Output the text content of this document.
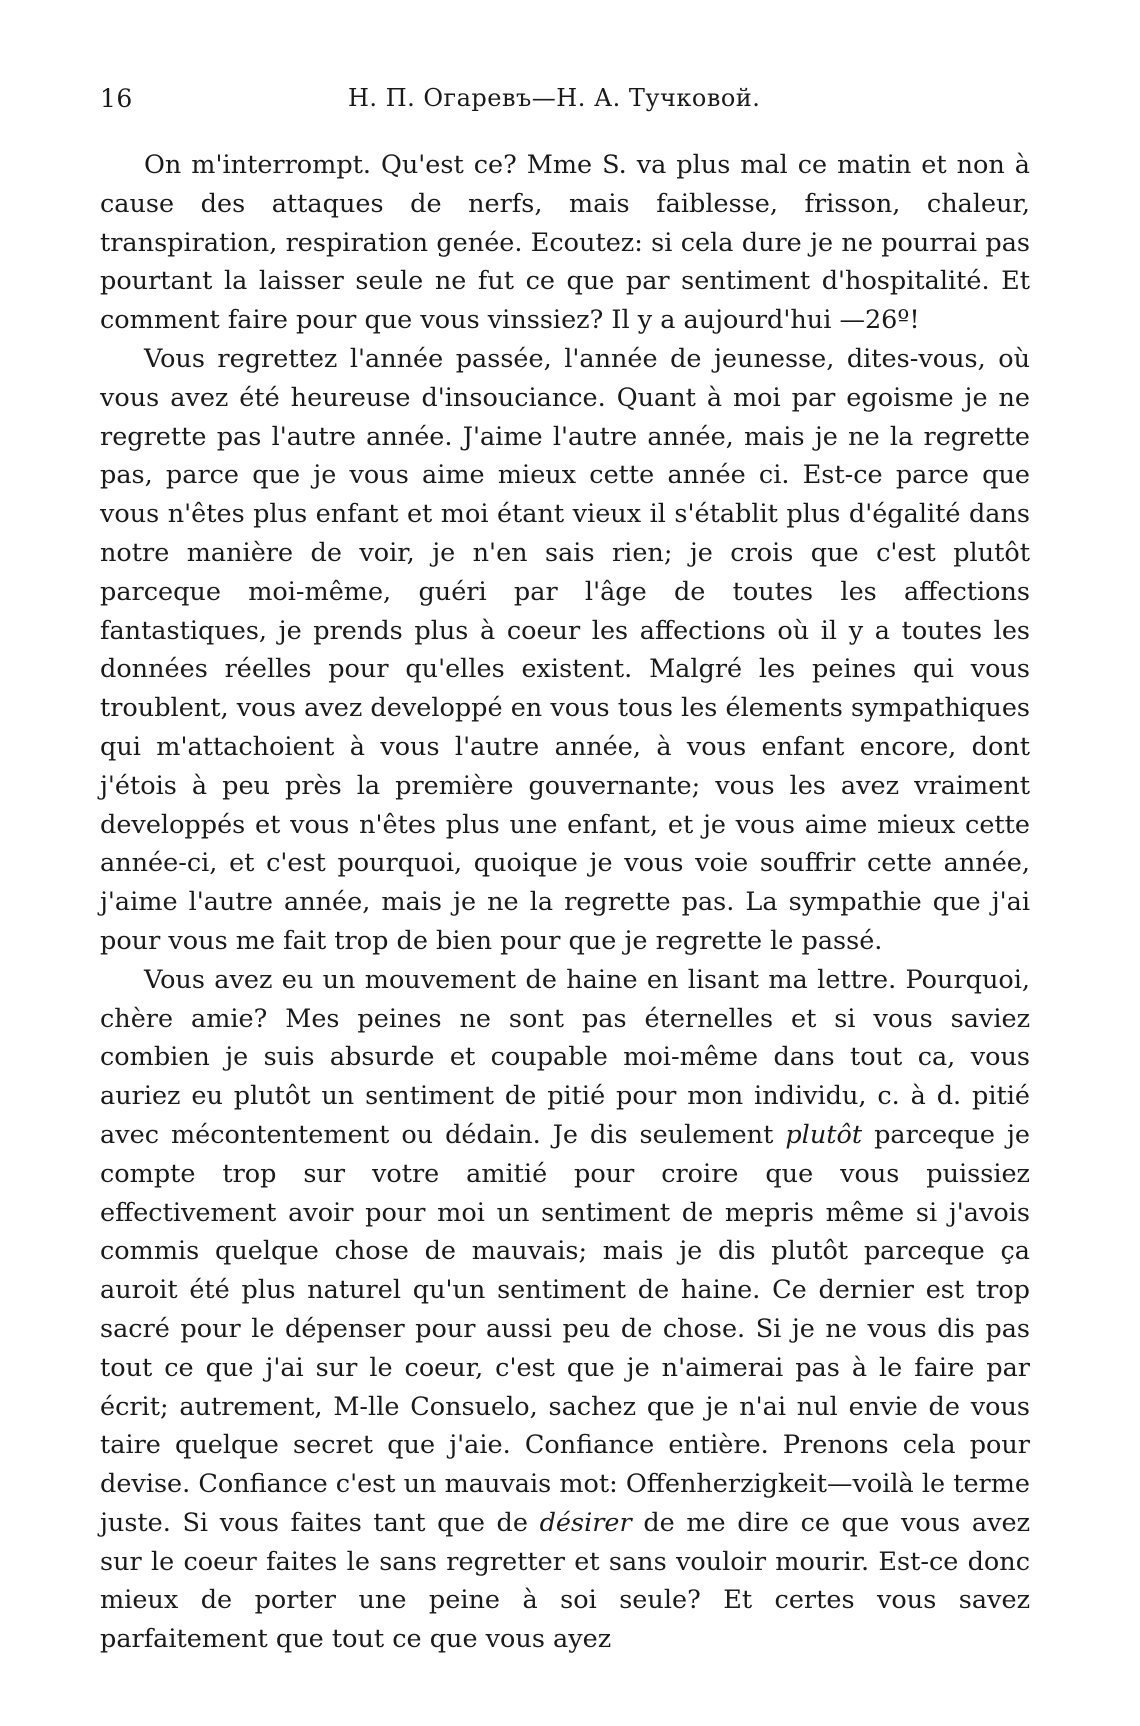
16	Н. П. Огаревъ—Н. А. Тучковой.

On m'interrompt. Qu'est ce? Mme S. va plus mal ce matin et non à cause des attaques de nerfs, mais faiblesse, frisson, chaleur, transpiration, respiration genée. Ecoutez: si cela dure je ne pourrai pas pourtant la laisser seule ne fut ce que par sentiment d'hospitalité. Et comment faire pour que vous vinssiez? Il y a aujourd'hui —26º!

Vous regrettez l'année passée, l'année de jeunesse, dites-vous, où vous avez été heureuse d'insouciance. Quant à moi par egoisme je ne regrette pas l'autre année. J'aime l'autre année, mais je ne la regrette pas, parce que je vous aime mieux cette année ci. Est-ce parce que vous n'êtes plus enfant et moi étant vieux il s'établit plus d'égalité dans notre manière de voir, je n'en sais rien; je crois que c'est plutôt parceque moi-même, guéri par l'âge de toutes les affections fantastiques, je prends plus à coeur les affections où il y a toutes les données réelles pour qu'elles existent. Malgré les peines qui vous troublent, vous avez developpé en vous tous les élements sympathiques qui m'attachoient à vous l'autre année, à vous enfant encore, dont j'étois à peu près la première gouvernante; vous les avez vraiment developpés et vous n'êtes plus une enfant, et je vous aime mieux cette année-ci, et c'est pourquoi, quoique je vous voie souffrir cette année, j'aime l'autre année, mais je ne la regrette pas. La sympathie que j'ai pour vous me fait trop de bien pour que je regrette le passé.

Vous avez eu un mouvement de haine en lisant ma lettre. Pourquoi, chère amie? Mes peines ne sont pas éternelles et si vous saviez combien je suis absurde et coupable moi-même dans tout ca, vous auriez eu plutôt un sentiment de pitié pour mon individu, c. à d. pitié avec mécontentement ou dédain. Je dis seulement plutôt parceque je compte trop sur votre amitié pour croire que vous puissiez effectivement avoir pour moi un sentiment de mepris même si j'avois commis quelque chose de mauvais; mais je dis plutôt parceque ça auroit été plus naturel qu'un sentiment de haine. Ce dernier est trop sacré pour le dépenser pour aussi peu de chose. Si je ne vous dis pas tout ce que j'ai sur le coeur, c'est que je n'aimerai pas à le faire par écrit; autrement, M-lle Consuelo, sachez que je n'ai nul envie de vous taire quelque secret que j'aie. Confiance entière. Prenons cela pour devise. Confiance c'est un mauvais mot: Offenherzigkeit—voilà le terme juste. Si vous faites tant que de désirer de me dire ce que vous avez sur le coeur faites le sans regretter et sans vouloir mourir. Est-ce donc mieux de porter une peine à soi seule? Et certes vous savez parfaitement que tout ce que vous ayez
